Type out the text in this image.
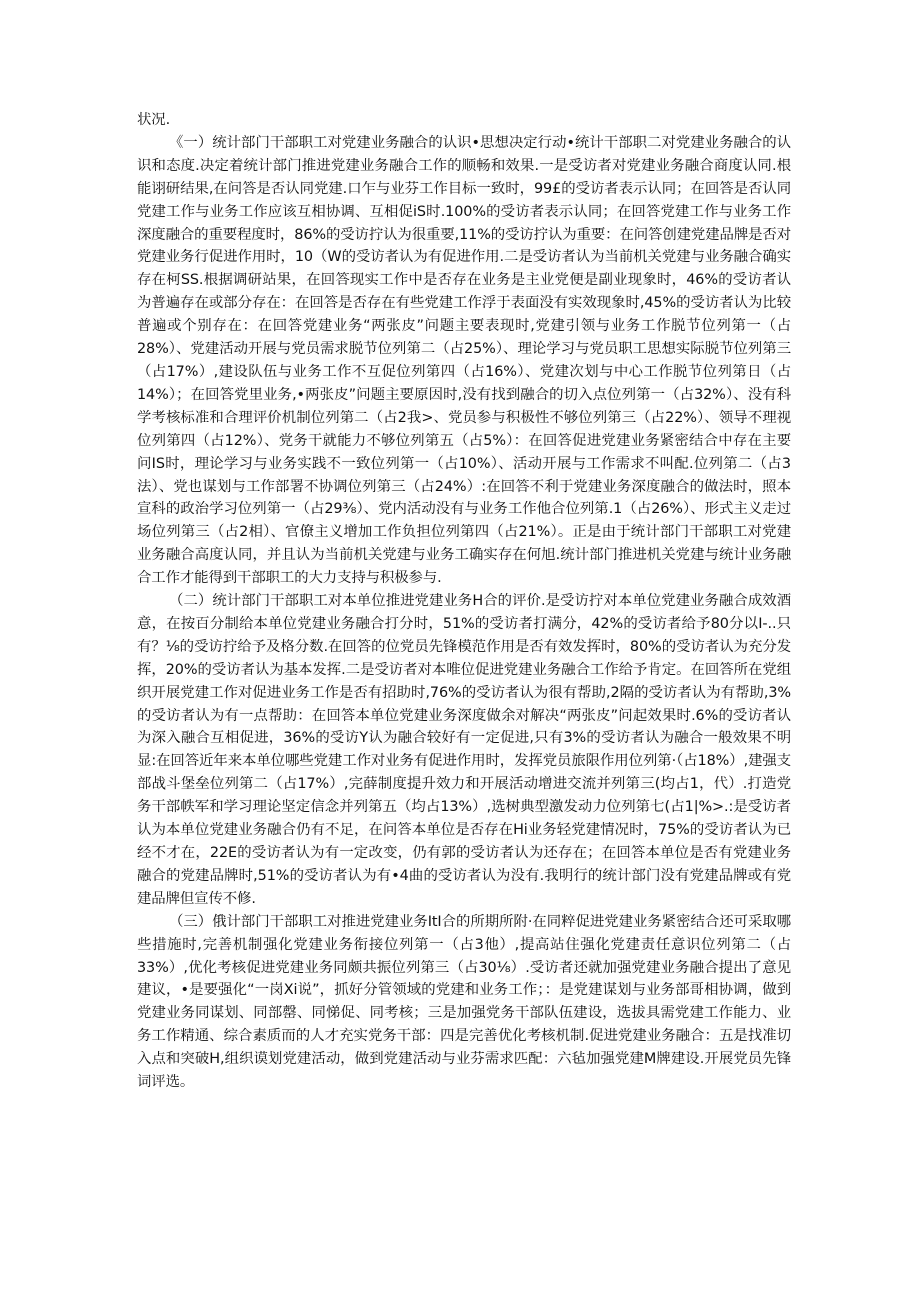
状况.

《一）统计部门干部职工对党建业务融合的认识•思想决定行动•统计干部职二对党建业务融合的认识和态度.决定着统计部门推进党建业务融合工作的顺畅和效果.一是受访者对党建业务融合商度认同.根能诩研结果,在问答是否认同党建.口乍与业芬工作目标一致时，99£的受访者表示认同；在回答是否认同党建工作与业务工作应该互相协调、互相促iS时.100%的受访者表示认同；在回答党建工作与业务工作深度融合的重要程度时，86%的受访拧认为很重要,11%的受访拧认为重要：在问答创建党建品牌是否对党建业务行促进作用时，10（W的受访者认为有促进作用.二是受访者认为当前机关党建与业务融合确实存在柯SS.根据调研站果，在回答现实工作中是否存在业务是主业党便是副业现象时，46%的受访者认为普遍存在或部分存在：在回答是否存在有些党建工作浮于表面没有实效现象时,45%的受访者认为比较普遍或个别存在：在回答党建业务“两张皮”问题主要表现时,党建引领与业务工作脱节位列第一（占28%）、党建活动开展与党员需求脱节位列第二（占25%）、理论学习与党员职工思想实际脱节位列第三（占17%）,建设队伍与业务工作不互促位列第四（占16%）、党建次划与中心工作脱节位列第日（占14%）；在回答党里业务,•两张皮”问题主要原因时,没有找到融合的切入点位列第一（占32%）、没有科学考核标准和合理评价机制位列第二（占2我>、党员参与积极性不够位列第三（占22%）、领导不理视位列第四（占12%）、党务干就能力不够位列第五（占5%）：在回答促进党建业务紧密结合中存在主要问IS时，理论学习与业务实践不一致位列第一（占10%）、活动开展与工作需求不叫配.位列第二（占3法）、党也谋划与工作部署不协调位列第三（占24%）:在回答不利于党建业务深度融合的做法时，照本宣科的政治学习位列第一（占29⅜）、党内活动没有与业务工作他合位列第.1（占26%）、形式主义走过场位列第三（占2相）、官僚主义增加工作负担位列第四（占21%）。正是由于统计部门干部职工对党建业务融合高度认同，并且认为当前机关党建与业务工确实存在何旭.统计部门推进机关党建与统计业务融合工作才能得到干部职工的大力支持与积极参与.

（二）统计部门干部职工对本单位推进党建业务H合的评价.是受访拧对本单位党建业务融合成效酒意，在按百分制给本单位党建业务融合打分时，51%的受访者打满分，42%的受访者给予80分以I-..只有？⅛的受访拧给予及格分数.在回答的位党员先锋模范作用是否有效发挥时，80%的受访者认为充分发挥，20%的受访者认为基本发挥.二是受访者对本唯位促进党建业务融合工作给予肯定。在回答所在党组织开展党建工作对促进业务工作是否有招助时,76%的受访者认为很有帮助,2隔的受访者认为有帮助,3%的受访者认为有一点帮助：在回答本单位党建业务深度做余对解决“两张皮”问起效果时.6%的受访者认为深入融合互相促进，36%的受访Y认为融合较好有一定促进,只有3%的受访者认为融合一般效果不明显:在回答近年来本单位哪些党建工作对业务有促进作用时，发挥党员旅限作用位列第·（占18%）,建强支部战斗堡垒位列第二（占17%）,完薛制度提升效力和开展活动增进交流并列第三(均占1，代）.打造党务干部帙军和学习理论坚定信念并列第五（均占13%）,选树典型激发动力位列第七(占1|%>.:是受访者认为本单位党建业务融合仍有不足，在问答本单位是否存在Hi业务轻党建情况时，75%的受访者认为已经不才在，22E的受访者认为有一定改变，仍有郭的受访者认为还存在；在回答本单位是否有党建业务融合的党建品牌时,51%的受访者认为有•4曲的受访者认为没有.我明行的统计部门没有党建品牌或有党建品牌但宣传不修.

（三）俄计部门干部职工对推进党建业务ItI合的所期所附·在同粹促进党建业务紧密结合还可采取哪些措施时,完善机制强化党建业务衔接位列第一（占3他）,提高站住强化党建责任意识位列第二（占33%）,优化考核促进党建业务同颇共振位列第三（占30⅛）.受访者还就加强党建业务融合提出了意见建议，•是要强化“一岗Xi说”，抓好分管领域的党建和业务工作；：是党建谋划与业务部哥相协调，做到党建业务同谋划、同部罄、同悌促、同考核；三是加强党务干部队伍建设，选拔具需党建工作能力、业务工作精通、综合素质而的人才充实党务干部：四是完善优化考核机制.促进党建业务融合：五是找准切入点和突破H,组织谟划党建活动，做到党建活动与业芬需求匹配：六毡加强党建M牌建设.开展党员先锋词评选。
